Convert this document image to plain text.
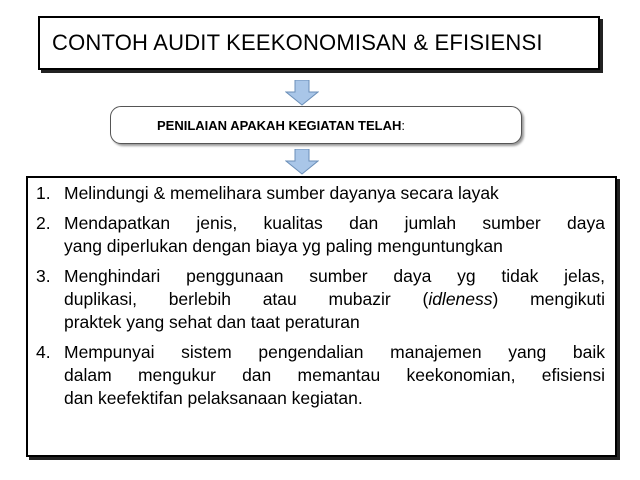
CONTOH AUDIT KEEKONOMISAN & EFISIENSI
PENILAIAN APAKAH KEGIATAN TELAH :
1. Melindungi & memelihara sumber dayanya secara layak
2. Mendapatkan jenis, kualitas dan jumlah sumber daya
yang diperlukan dengan biaya yg paling menguntungkan
3. Menghindari penggunaan sumber daya yg tidak jelas,
duplikasi, berlebih atau mubazir (idleness) mengikuti
praktek yang sehat dan taat peraturan
4. Mempunyai sistem pengendalian manajemen yang baik
dalam mengukur dan memantau keekonomian, efisiensi
dan keefektifan pelaksanaan kegiatan.
